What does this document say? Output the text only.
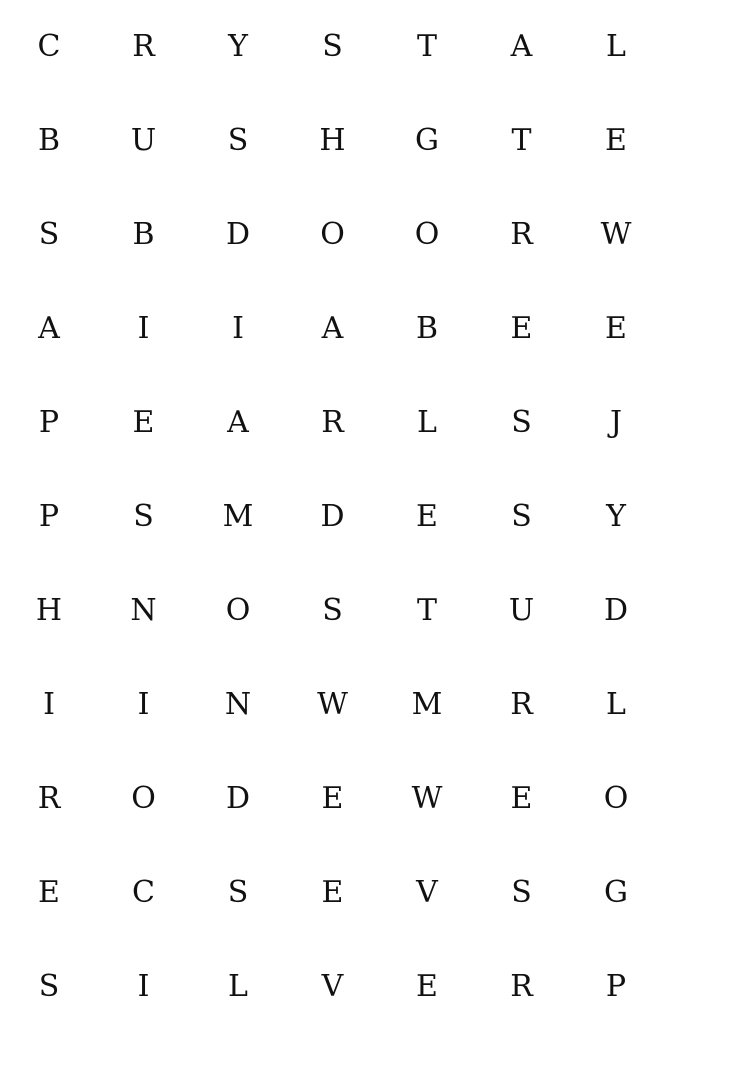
C	R	Y	S	T	A	L
B	U	S	H	G	T	E
S	B	D	O	O	R	W
A	I	I	A	B	E	E
P	E	A	R	L	S	J
P	S	M	D	E	S	Y
H	N	O	S	T	U	D
I	I	N	W	M	R	L
R	O	D	E	W	E	O
E	C	S	E	V	S	G
S	I	L	V	E	R	P
